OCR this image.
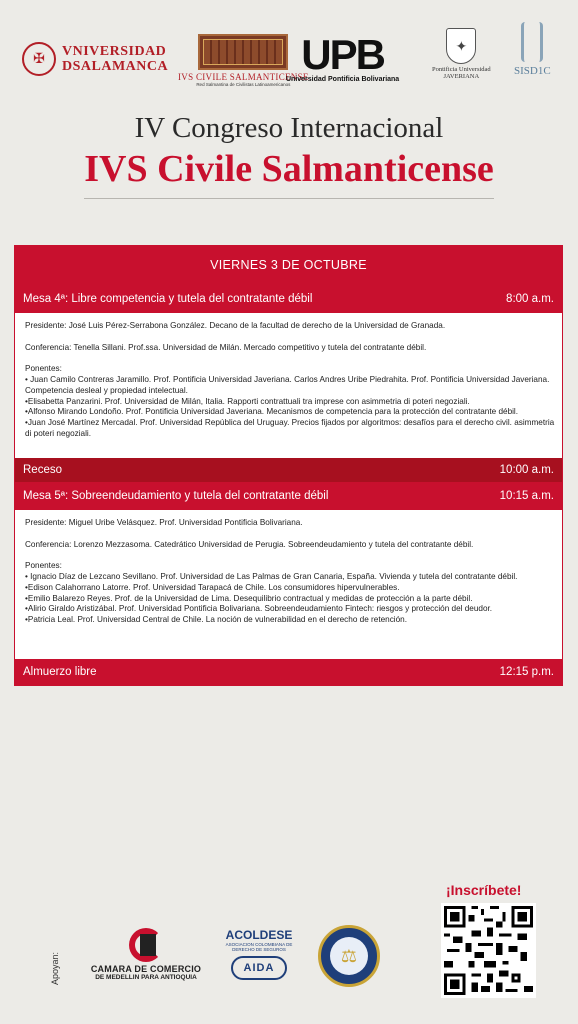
✠	VNIVERSIDAD
DSALAMANCA
IVS CIVILE SALMANTICENSE
Red Salmantina de Civilistas Latinoamericanos
UPB
Universidad Pontificia Bolivariana
✦
Pontificia Universidad
JAVERIANA	SISD1C
IV Congreso Internacional
IVS Civile Salmanticense
VIERNES 3 DE OCTUBRE
Mesa 4ª: Libre competencia y tutela del contratante débil	8:00 a.m.

Presidente: José Luis Pérez-Serrabona González. Decano de la facultad de derecho de la Universidad de Granada.

Conferencia: Tenella Sillani. Prof.ssa. Universidad de Milán. Mercado competitivo y tutela del contratante débil.

Ponentes:

• Juan Camilo Contreras Jaramillo. Prof. Pontificia Universidad Javeriana. Carlos Andres Uribe Piedrahita. Prof. Pontificia Universidad Javeriana. Competencia desleal y propiedad intelectual.

•Elisabetta Panzarini. Prof. Universidad de Milán, Italia. Rapporti contrattuali tra imprese con asimmetria di poteri negoziali.

•Alfonso Mirando Londoño. Prof. Pontificia Universidad Javeriana. Mecanismos de competencia para la protección del contratante débil.

•Juan José Martínez Mercadal. Prof. Universidad República del Uruguay. Precios fijados por algoritmos: desafíos para el derecho civil. asimmetria di poteri negoziali.

Receso	10:00 a.m.
Mesa 5ª: Sobreendeudamiento y tutela del contratante débil	10:15 a.m.

Presidente: Miguel Uribe Velásquez. Prof. Universidad Pontificia Bolivariana.

Conferencia: Lorenzo Mezzasoma. Catedrático Universidad de Perugia. Sobreendeudamiento y tutela del contratante débil.

Ponentes:

• Ignacio Díaz de Lezcano Sevillano. Prof. Universidad de Las Palmas de Gran Canaria, España. Vivienda y tutela del contratante débil.

•Edison Calahorrano Latorre. Prof. Universidad Tarapacá de Chile. Los consumidores hipervulnerables.

•Emilio Balarezo Reyes. Prof. de la Universidad de Lima. Desequilibrio contractual y medidas de protección a la parte débil.

•Alirio Giraldo Aristizábal. Prof. Universidad Pontificia Bolivariana. Sobreendeudamiento Fintech: riesgos y protección del deudor.

•Patricia Leal. Prof. Universidad Central de Chile. La noción de vulnerabilidad en el derecho de retención.

Almuerzo libre	12:15 p.m.
Apoyan:	CAMARA DE COMERCIO
DE MEDELLIN PARA ANTIOQUIA
ACOLDESE
ASOCIACION COLOMBIANA DE DERECHO DE SEGUROS
AIDA
⚖
¡Inscríbete!
